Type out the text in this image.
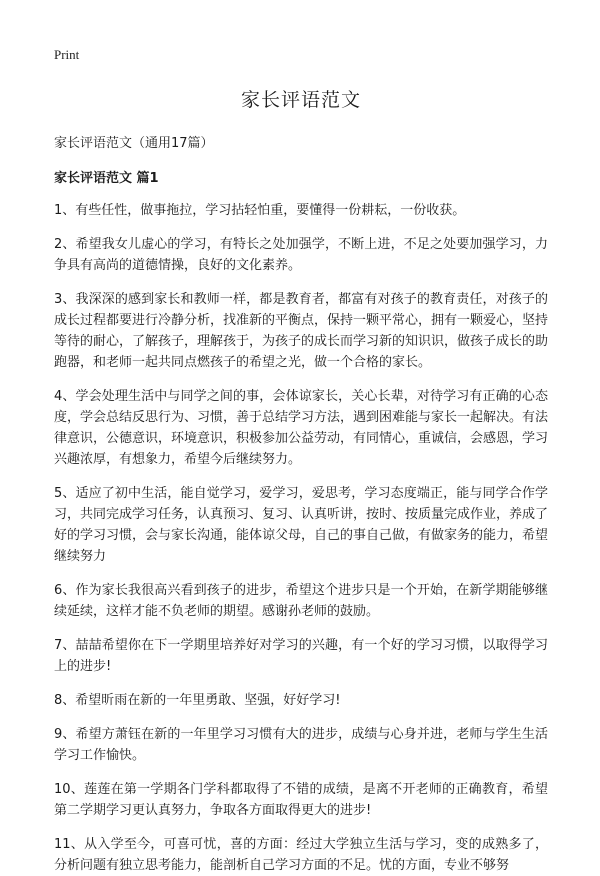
Print
家长评语范文

家长评语范文（通用17篇）

家长评语范文 篇1

1、有些任性，做事拖拉，学习拈轻怕重，要懂得一份耕耘，一份收获。

2、希望我女儿虚心的学习，有特长之处加强学，不断上进，不足之处要加强学习，力争具有高尚的道德情操，良好的文化素养。

3、我深深的感到家长和教师一样，都是教育者，都富有对孩子的教育责任，对孩子的成长过程都要进行冷静分析，找准新的平衡点，保持一颗平常心，拥有一颗爱心，坚持等待的耐心，了解孩子，理解孩于，为孩子的成长而学习新的知识识，做孩子成长的助跑器，和老师一起共同点燃孩子的希望之光，做一个合格的家长。

4、学会处理生活中与同学之间的事，会体谅家长，关心长辈，对待学习有正确的心态度，学会总结反思行为、习惯，善于总结学习方法，遇到困难能与家长一起解决。有法律意识，公德意识，环境意识，积极参加公益劳动，有同情心，重诚信，会感恩，学习兴趣浓厚，有想象力，希望今后继续努力。

5、适应了初中生活，能自觉学习，爱学习，爱思考，学习态度端正，能与同学合作学习，共同完成学习任务，认真预习、复习、认真听讲，按时、按质量完成作业，养成了好的学习习惯，会与家长沟通，能体谅父母，自己的事自己做，有做家务的能力，希望继续努力

6、作为家长我很高兴看到孩子的进步，希望这个进步只是一个开始，在新学期能够继续延续，这样才能不负老师的期望。感谢孙老师的鼓励。

7、喆喆希望你在下一学期里培养好对学习的兴趣，有一个好的学习习惯，以取得学习上的进步!

8、希望昕雨在新的一年里勇敢、坚强，好好学习!

9、希望方萧钰在新的一年里学习习惯有大的进步，成绩与心身并进，老师与学生生活学习工作愉快。

10、莲莲在第一学期各门学科都取得了不错的成绩，是离不开老师的正确教育，希望第二学期学习更认真努力，争取各方面取得更大的进步!

11、从入学至今，可喜可忧，喜的方面：经过大学独立生活与学习，变的成熟多了，分析问题有独立思考能力，能剖析自己学习方面的不足。忧的方面，专业不够努
